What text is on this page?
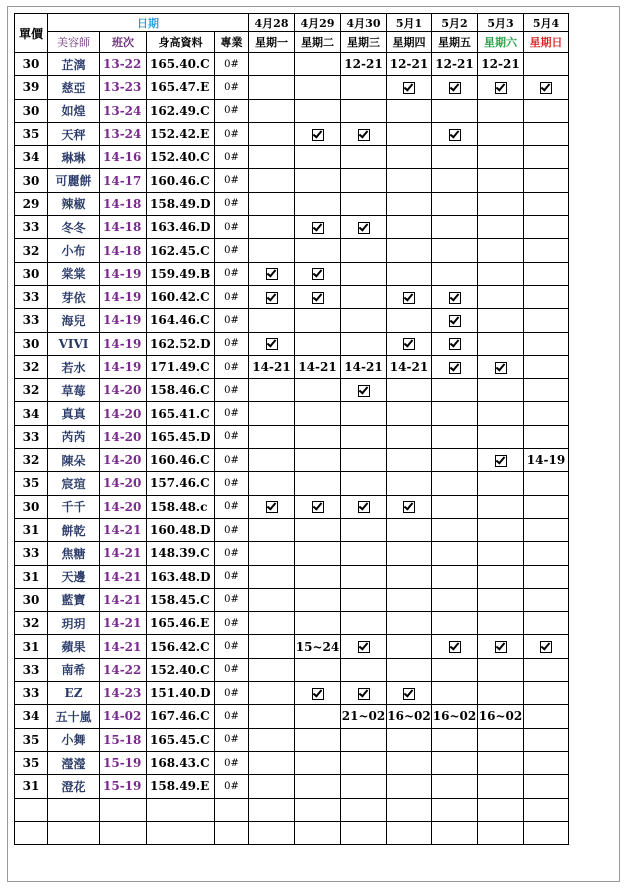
單價	日期				4月28	4月29	4月30	5月1	5月2	5月3	5月4
	美容師	班次	身高資料	專業	星期一	星期二	星期三	星期四	星期五	星期六	星期日
30	芷漓	13-22	165.40.C	0#			12-21	12-21	12-21	12-21	
39	慈亞	13-23	165.47.E	0#							
30	如煌	13-24	162.49.C	0#							
35	天秤	13-24	152.42.E	0#							
34	琳琳	14-16	152.40.C	0#							
30	可麗餅	14-17	160.46.C	0#							
29	辣椒	14-18	158.49.D	0#							
33	冬冬	14-18	163.46.D	0#							
32	小布	14-18	162.45.C	0#							
30	棠棠	14-19	159.49.B	0#							
33	芽依	14-19	160.42.C	0#							
33	海兒	14-19	164.46.C	0#							
30	VIVI	14-19	162.52.D	0#							
32	若水	14-19	171.49.C	0#	14-21	14-21	14-21	14-21			
32	草莓	14-20	158.46.C	0#							
34	真真	14-20	165.41.C	0#							
33	芮芮	14-20	165.45.D	0#							
32	陳朵	14-20	160.46.C	0#							14-19
35	宸瑄	14-20	157.46.C	0#							
30	千千	14-20	158.48.c	0#							
31	餅乾	14-21	160.48.D	0#							
33	焦糖	14-21	148.39.C	0#							
31	天邊	14-21	163.48.D	0#							
30	藍寶	14-21	158.45.C	0#							
32	玥玥	14-21	165.46.E	0#							
31	蘋果	14-21	156.42.C	0#		15~24					
33	南希	14-22	152.40.C	0#							
33	EZ	14-23	151.40.D	0#							
34	五十嵐	14-02	167.46.C	0#			21~02	16~02	16~02	16~02	
35	小舞	15-18	165.45.C	0#							
35	瀅瀅	15-19	168.43.C	0#							
31	澄花	15-19	158.49.E	0#							
